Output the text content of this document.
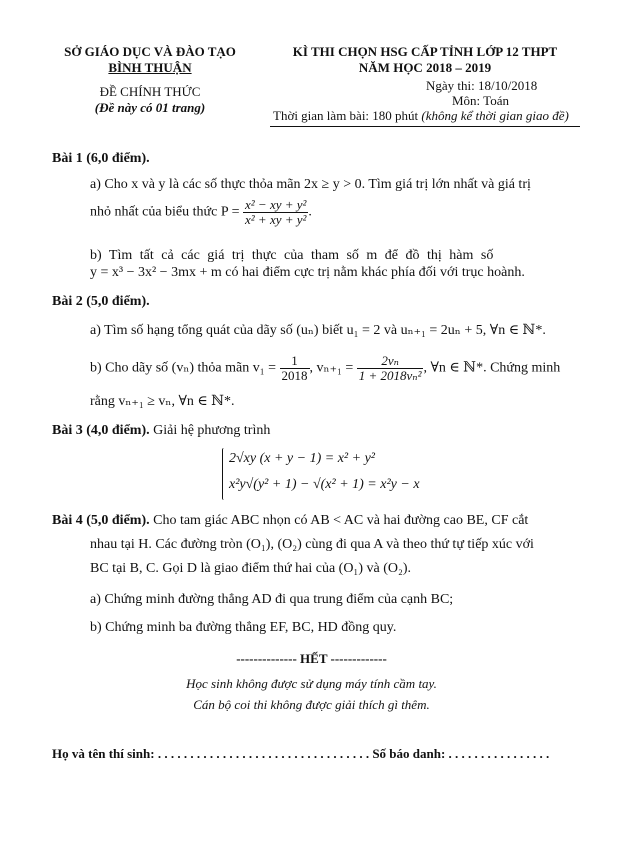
SỞ GIÁO DỤC VÀ ĐÀO TẠO
BÌNH THUẬN
ĐỀ CHÍNH THỨC
(Đề này có 01 trang)
KÌ THI CHỌN HSG CẤP TỈNH LỚP 12 THPT
NĂM HỌC 2018 – 2019
Ngày thi: 18/10/2018
Môn: Toán
Thời gian làm bài: 180 phút (không kể thời gian giao đề)
Bài 1 (6,0 điểm).
a) Cho x và y là các số thực thỏa mãn 2x ≥ y > 0. Tìm giá trị lớn nhất và giá trị
nhỏ nhất của biểu thức $P = \frac{\text{x² − xy + y²}}{\text{x² + xy + y²}}$ .
b) Tìm tất cả các giá trị thực của tham số m để đồ thị hàm số
y = x³ − 3x² − 3mx + m có hai điểm cực trị nằm khác phía đối với trục hoành.
Bài 2 (5,0 điểm).
a) Tìm số hạng tổng quát của dãy số (uₙ) biết u₁ = 2 và uₙ₊₁ = 2uₙ + 5, ∀n ∈ ℕ*.
b) Cho dãy số (vₙ) thỏa mãn $v_1 = \frac{1}{2018}$ , $v_{n+1} = \frac{\text{2vₙ}}{\text{1 + 2018vₙ²}}$ , ∀n ∈ ℕ*. Chứng minh
rằng vₙ₊₁ ≥ vₙ, ∀n ∈ ℕ*.
Bài 3 (4,0 điểm). Giải hệ phương trình
2√xy (x + y − 1) = x² + y²
x²y√(y² + 1) − √(x² + 1) = x²y − x
Bài 4 (5,0 điểm). Cho tam giác ABC nhọn có AB < AC và hai đường cao BE, CF cắt
nhau tại H. Các đường tròn (O₁), (O₂) cùng đi qua A và theo thứ tự tiếp xúc với
BC tại B, C. Gọi D là giao điểm thứ hai của (O₁) và (O₂).
a) Chứng minh đường thẳng AD đi qua trung điểm của cạnh BC;
b) Chứng minh ba đường thẳng EF, BC, HD đồng quy.
-------------- HẾT -------------
Học sinh không được sử dụng máy tính cầm tay.
Cán bộ coi thi không được giải thích gì thêm.
Họ và tên thí sinh: . . . . . . . . . . . . . . . . . . . . . . . . . . . . . . . . . Số báo danh: . . . . . . . . . . . . . . . .
